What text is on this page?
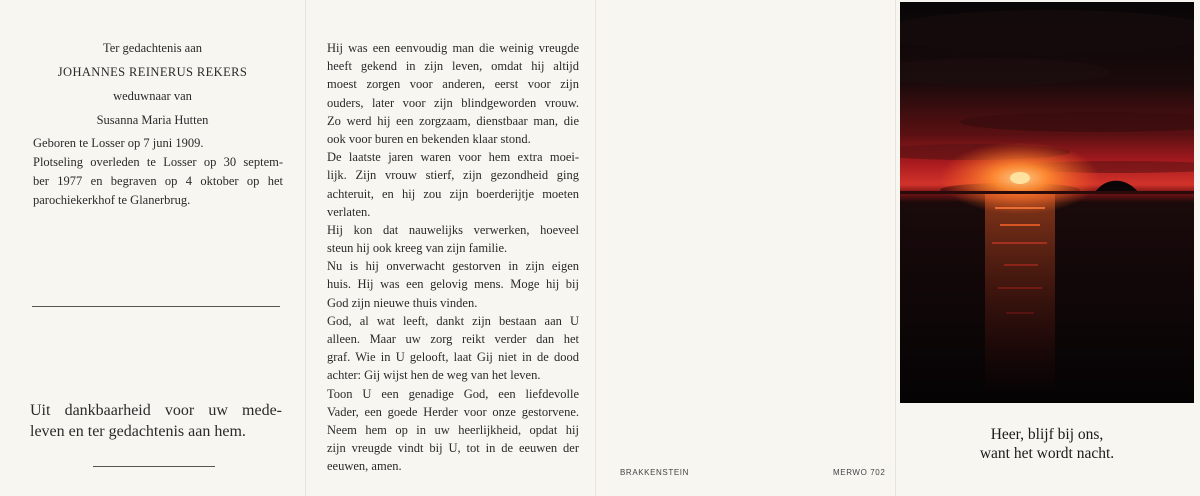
Ter gedachtenis aan
JOHANNES REINERUS REKERS
weduwnaar van
Susanna Maria Hutten
Geboren te Losser op 7 juni 1909.
Plotseling overleden te Losser op 30 septem-
ber 1977 en begraven op 4 oktober op het
parochiekerkhof te Glanerbrug.
Uit dankbaarheid voor uw mede-
leven en ter gedachtenis aan hem.
Hij was een eenvoudig man die weinig vreugde
heeft gekend in zijn leven, omdat hij altijd
moest zorgen voor anderen, eerst voor zijn
ouders, later voor zijn blindgeworden vrouw.
Zo werd hij een zorgzaam, dienstbaar man, die
ook voor buren en bekenden klaar stond.
De laatste jaren waren voor hem extra moei-
lijk. Zijn vrouw stierf, zijn gezondheid ging
achteruit, en hij zou zijn boerderijtje moeten
verlaten.
Hij kon dat nauwelijks verwerken, hoeveel
steun hij ook kreeg van zijn familie.
Nu is hij onverwacht gestorven in zijn eigen
huis. Hij was een gelovig mens. Moge hij bij
God zijn nieuwe thuis vinden.
God, al wat leeft, dankt zijn bestaan aan U
alleen. Maar uw zorg reikt verder dan het
graf. Wie in U gelooft, laat Gij niet in de dood
achter: Gij wijst hen de weg van het leven.
Toon U een genadige God, een liefdevolle
Vader, een goede Herder voor onze gestorvene.
Neem hem op in uw heerlijkheid, opdat hij
zijn vreugde vindt bij U, tot in de eeuwen der
eeuwen, amen.	BRAKKENSTEIN	MERWO 702
Heer, blijf bij ons,
want het wordt nacht.
